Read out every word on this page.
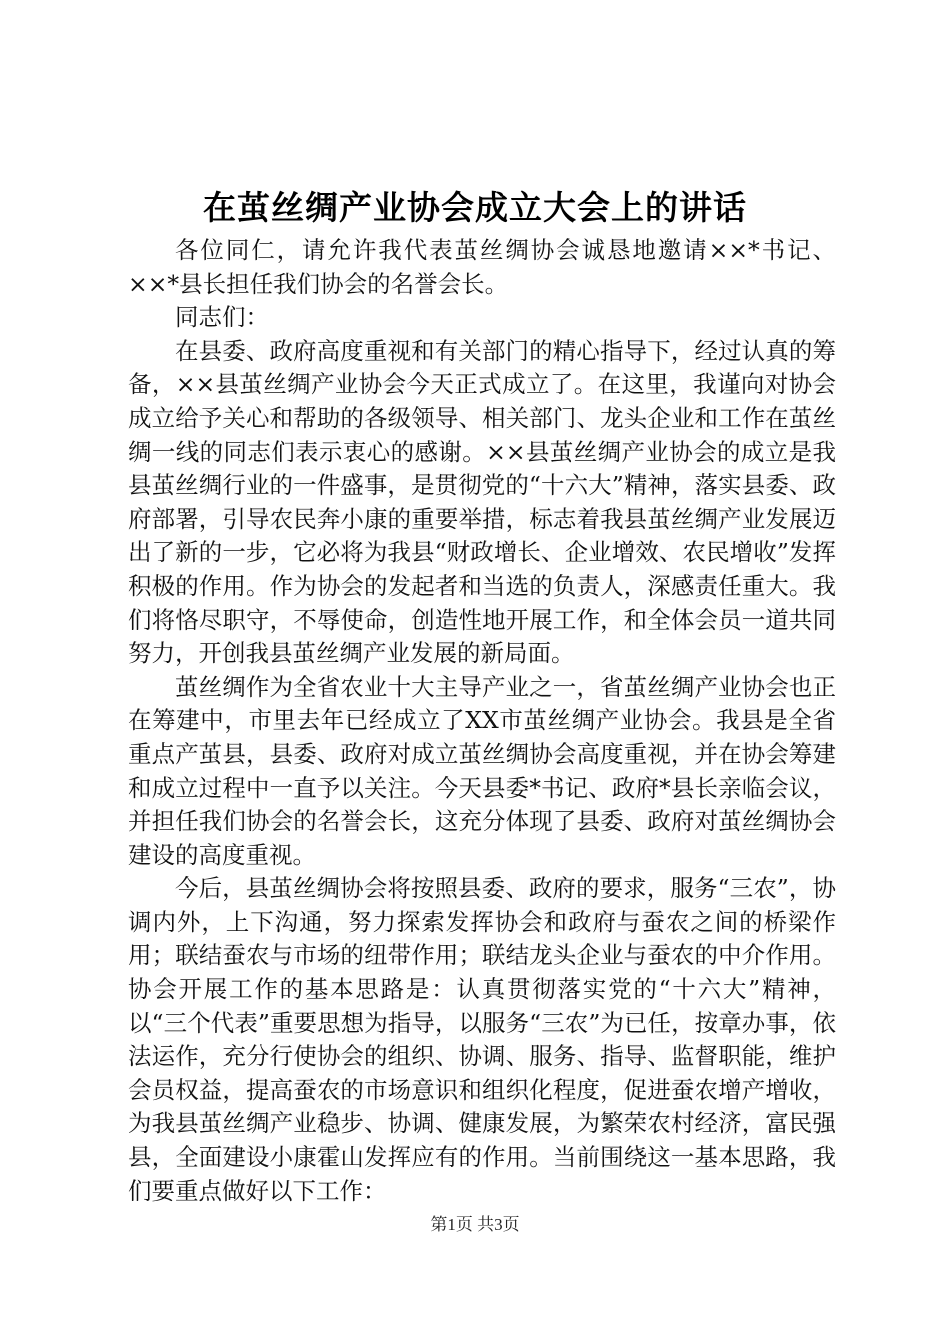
在茧丝绸产业协会成立大会上的讲话

各位同仁，请允许我代表茧丝绸协会诚恳地邀请××*书记、××*县长担任我们协会的名誉会长。

同志们：

在县委、政府高度重视和有关部门的精心指导下，经过认真的筹备，××县茧丝绸产业协会今天正式成立了。在这里，我谨向对协会成立给予关心和帮助的各级领导、相关部门、龙头企业和工作在茧丝绸一线的同志们表示衷心的感谢。××县茧丝绸产业协会的成立是我县茧丝绸行业的一件盛事，是贯彻党的“十六大”精神，落实县委、政府部署，引导农民奔小康的重要举措，标志着我县茧丝绸产业发展迈出了新的一步，它必将为我县“财政增长、企业增效、农民增收”发挥积极的作用。作为协会的发起者和当选的负责人，深感责任重大。我们将恪尽职守，不辱使命，创造性地开展工作，和全体会员一道共同努力，开创我县茧丝绸产业发展的新局面。

茧丝绸作为全省农业十大主导产业之一，省茧丝绸产业协会也正在筹建中，市里去年已经成立了XX市茧丝绸产业协会。我县是全省重点产茧县，县委、政府对成立茧丝绸协会高度重视，并在协会筹建和成立过程中一直予以关注。今天县委*书记、政府*县长亲临会议，并担任我们协会的名誉会长，这充分体现了县委、政府对茧丝绸协会建设的高度重视。

今后，县茧丝绸协会将按照县委、政府的要求，服务“三农”，协调内外，上下沟通，努力探索发挥协会和政府与蚕农之间的桥梁作用；联结蚕农与市场的纽带作用；联结龙头企业与蚕农的中介作用。协会开展工作的基本思路是：认真贯彻落实党的“十六大”精神，以“三个代表”重要思想为指导，以服务“三农”为已任，按章办事，依法运作，充分行使协会的组织、协调、服务、指导、监督职能，维护会员权益，提高蚕农的市场意识和组织化程度，促进蚕农增产增收，为我县茧丝绸产业稳步、协调、健康发展，为繁荣农村经济，富民强县，全面建设小康霍山发挥应有的作用。当前围绕这一基本思路，我们要重点做好以下工作：

第1页 共3页
